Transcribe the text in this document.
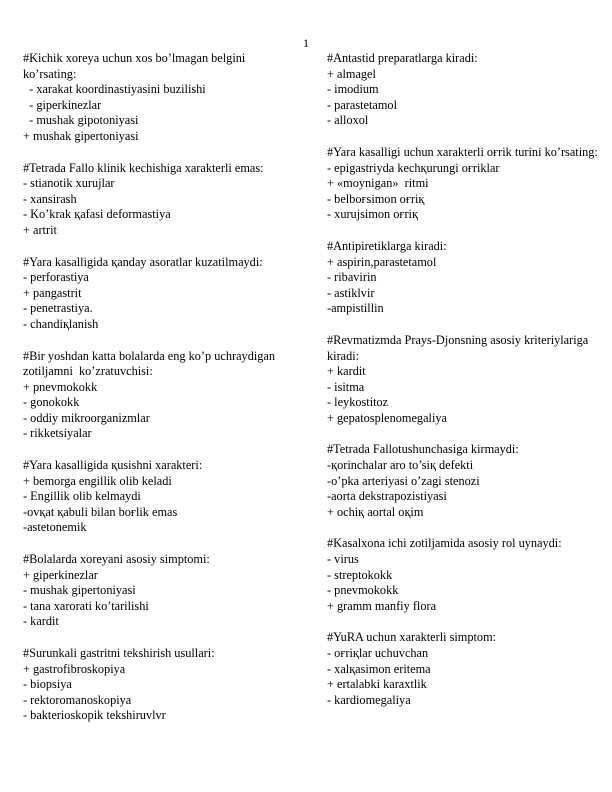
1
#Kichik xoreya uchun xos bo’lmagan belgini ko’rsating:
- xarakat koordinastiyasini buzilishi
- giperkinezlar
- mushak gipotoniyasi
+ mushak gipertoniyasi
#Tetrada Fallo klinik kechishiga xarakterli emas:
- stianotik xurujlar
- xansirash
- Ko’krak қafasi deformastiya
+ artrit
#Yara kasalligida қanday asoratlar kuzatilmaydi:
- perforastiya
+ pangastrit
- penetrastiya.
- chandiқlanish
#Bir yoshdan katta bolalarda eng ko’p uchraydigan zotiljamni  ko’zratuvchisi:
+ pnevmokokk
- gonokokk
- oddiy mikroorganizmlar
- rikketsiyalar
#Yara kasalligida қusishni xarakteri:
+ bemorga engillik olib keladi
- Engillik olib kelmaydi
-ovқat қabuli bilan boғlik emas
-astetonemik
#Bolalarda xoreyani asosiy simptomi:
+ giperkinezlar
- mushak gipertoniyasi
- tana xarorati ko’tarilishi
- kardit
#Surunkali gastritni tekshirish usullari:
+ gastrofibroskopiya
- biopsiya
- rektoromanoskopiya
- bakterioskopik tekshiruvlvr
#Antastid preparatlarga kiradi:
+ almagel
- imodium
- parastetamol
- alloxol
#Yara kasalligi uchun xarakterli oғrik turini ko’rsating:
- epigastriyda kechқurungi oғriklar
+ «moynigan»  ritmi
- belboғsimon oғriқ
- xurujsimon oғriқ
#Antipiretiklarga kiradi:
+ aspirin,parastetamol
- ribavirin
- astiklvir
-ampistillin
#Revmatizmda Prays-Djonsning asosiy kriteriylariga kiradi:
+ kardit
- isitma
- leykostitoz
+ gepatosplenomegaliya
#Tetrada Fallotushunchasiga kirmaydi:
-қorinchalar aro to’siқ defekti
-o’pka arteriyasi o’zagi stenozi
-aorta dekstrapozistiyasi
+ ochiқ aortal oқim
#Kasalxona ichi zotiljamida asosiy rol uynaydi:
- virus
- streptokokk
- pnevmokokk
+ gramm manfiy flora
#YuRA uchun xarakterli simptom:
- oғriқlar uchuvchan
- xalқasimon eritema
+ ertalabki karaxtlik
- kardiomegaliya
